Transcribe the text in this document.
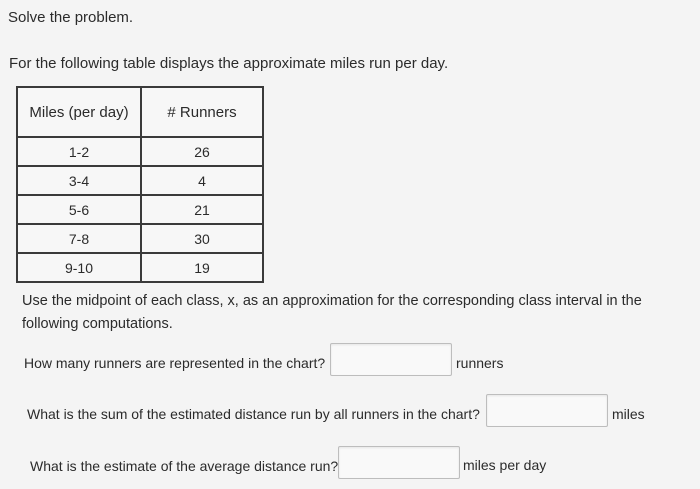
Solve the problem.
For the following table displays the approximate miles run per day.
Miles (per day)	# Runners
1-2	26
3-4	4
5-6	21
7-8	30
9-10	19
Use the midpoint of each class, x, as an approximation for the corresponding class interval in the following computations.
How many runners are represented in the chart?	runners
What is the sum of the estimated distance run by all runners in the chart?	miles
What is the estimate of the average distance run?	miles per day
